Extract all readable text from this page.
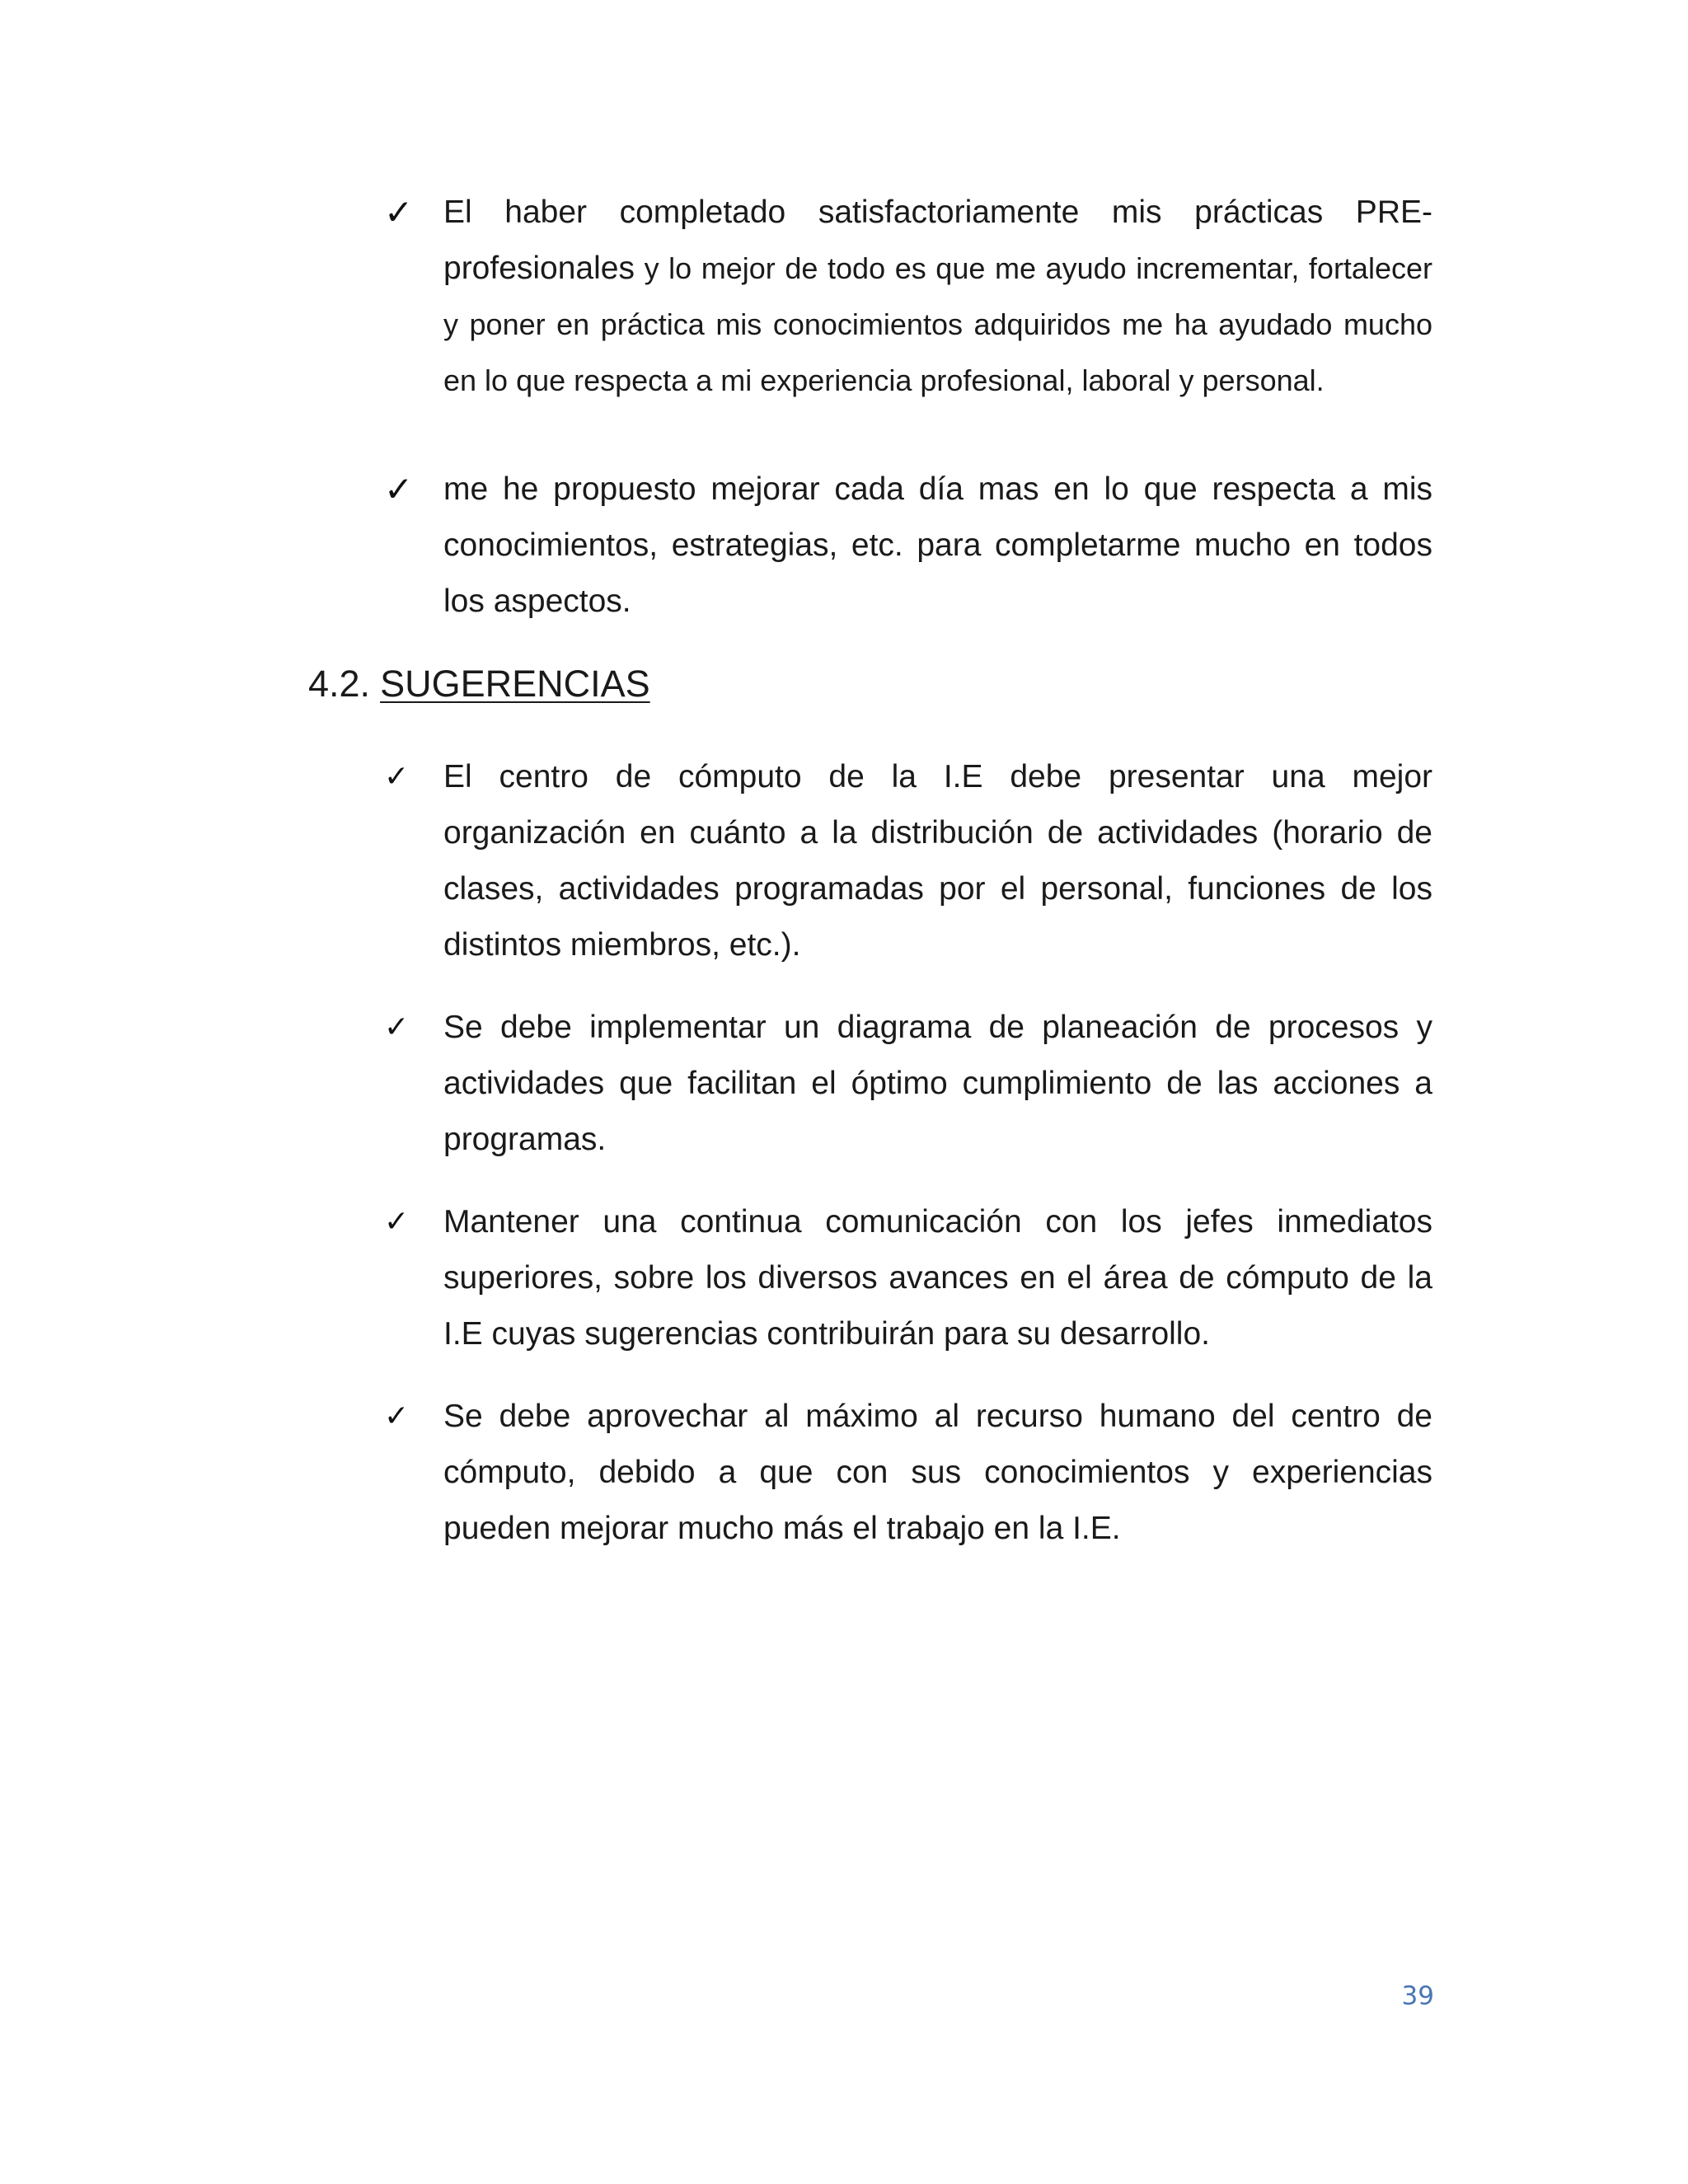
✓ El haber completado satisfactoriamente mis prácticas PRE-profesionales y lo mejor de todo es que me ayudo incrementar, fortalecer y poner en práctica mis conocimientos adquiridos me ha ayudado mucho en lo que respecta a mi experiencia profesional, laboral y personal.
✓ me he propuesto mejorar cada día mas en lo que respecta a mis conocimientos, estrategias, etc. para completarme mucho en todos los aspectos.
4.2. SUGERENCIAS
✓ El centro de cómputo de la I.E debe presentar una mejor organización en cuánto a la distribución de actividades (horario de clases, actividades programadas por el personal, funciones de los distintos miembros, etc.).
✓ Se debe implementar un diagrama de planeación de procesos y actividades que facilitan el óptimo cumplimiento de las acciones a programas.
✓ Mantener una continua comunicación con los jefes inmediatos superiores, sobre los diversos avances en el área de cómputo de la I.E cuyas sugerencias contribuirán para su desarrollo.
✓ Se debe aprovechar al máximo al recurso humano del centro de cómputo, debido a que con sus conocimientos y experiencias pueden mejorar mucho más el trabajo en la I.E.
39
